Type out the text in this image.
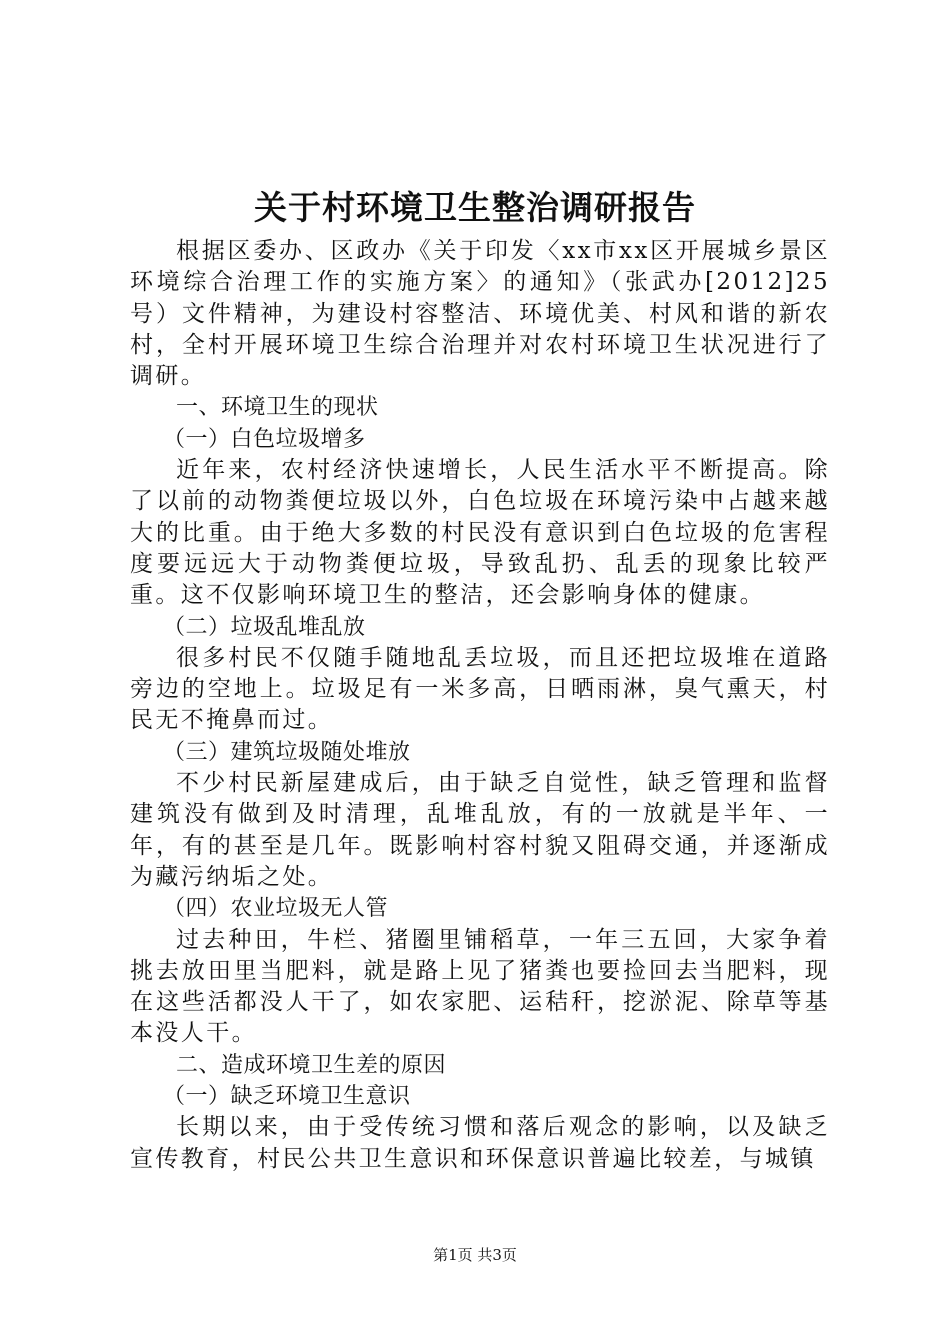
关于村环境卫生整治调研报告

根据区委办、区政办《关于印发〈xx市xx区开展城乡景区环境综合治理工作的实施方案〉的通知》（张武办[2012]25号）文件精神，为建设村容整洁、环境优美、村风和谐的新农村，全村开展环境卫生综合治理并对农村环境卫生状况进行了调研。

一、环境卫生的现状

（一）白色垃圾增多

近年来，农村经济快速增长，人民生活水平不断提高。除了以前的动物粪便垃圾以外，白色垃圾在环境污染中占越来越大的比重。由于绝大多数的村民没有意识到白色垃圾的危害程度要远远大于动物粪便垃圾，导致乱扔、乱丢的现象比较严重。这不仅影响环境卫生的整洁，还会影响身体的健康。

（二）垃圾乱堆乱放

很多村民不仅随手随地乱丢垃圾，而且还把垃圾堆在道路旁边的空地上。垃圾足有一米多高，日晒雨淋，臭气熏天，村民无不掩鼻而过。

（三）建筑垃圾随处堆放

不少村民新屋建成后，由于缺乏自觉性，缺乏管理和监督建筑没有做到及时清理，乱堆乱放，有的一放就是半年、一年，有的甚至是几年。既影响村容村貌又阻碍交通，并逐渐成为藏污纳垢之处。

（四）农业垃圾无人管

过去种田，牛栏、猪圈里铺稻草，一年三五回，大家争着挑去放田里当肥料，就是路上见了猪粪也要捡回去当肥料，现在这些活都没人干了，如农家肥、运秸秆，挖淤泥、除草等基本没人干。

二、造成环境卫生差的原因

（一）缺乏环境卫生意识

长期以来，由于受传统习惯和落后观念的影响，以及缺乏宣传教育，村民公共卫生意识和环保意识普遍比较差，与城镇

第1页 共3页
